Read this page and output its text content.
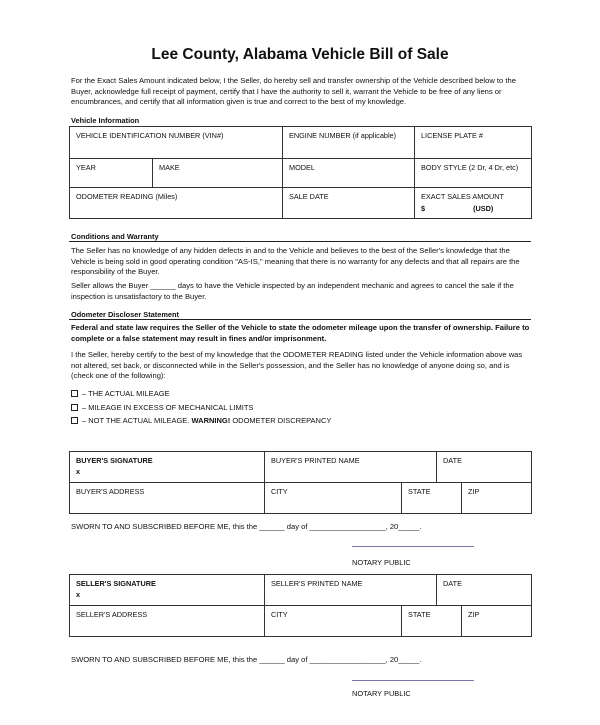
Lee County, Alabama Vehicle Bill of Sale
For the Exact Sales Amount indicated below, I the Seller, do hereby sell and transfer ownership of the Vehicle described below to the Buyer, acknowledge full receipt of payment, certify that I have the authority to sell it, warrant the Vehicle to be free of any liens or encumbrances, and certify that all information given is true and correct to the best of my knowledge.
Vehicle Information
VEHICLE IDENTIFICATION NUMBER (VIN#)		ENGINE NUMBER (if applicable)	LICENSE PLATE #
YEAR	MAKE	MODEL	BODY STYLE (2 Dr, 4 Dr, etc)
ODOMETER READING (Miles)		SALE DATE	EXACT SALES AMOUNT
$ (USD)
Conditions and Warranty
The Seller has no knowledge of any hidden defects in and to the Vehicle and believes to the best of the Seller's knowledge that the Vehicle is being sold in good operating condition "AS-IS," meaning that there is no warranty for any defects and that all repairs are the responsibility of the Buyer.
Seller allows the Buyer ______ days to have the Vehicle inspected by an independent mechanic and agrees to cancel the sale if the inspection is unsatisfactory to the Buyer.
Odometer Discloser Statement
Federal and state law requires the Seller of the Vehicle to state the odometer mileage upon the transfer of ownership. Failure to complete or a false statement may result in fines and/or imprisonment.
I the Seller, hereby certify to the best of my knowledge that the ODOMETER READING listed under the Vehicle information above was not altered, set back, or disconnected while in the Seller's possession, and the Seller has no knowledge of anyone doing so, and is (check one of the following):
– THE ACTUAL MILEAGE
– MILEAGE IN EXCESS OF MECHANICAL LIMITS
– NOT THE ACTUAL MILEAGE. WARNING! ODOMETER DISCREPANCY
BUYER'S SIGNATURE
x	BUYER'S PRINTED NAME		DATE	
BUYER'S ADDRESS	CITY	STATE		ZIP
SWORN TO AND SUBSCRIBED BEFORE ME, this the ______ day of __________________, 20_____.
NOTARY PUBLIC
SELLER'S SIGNATURE
x	SELLER'S PRINTED NAME		DATE	
SELLER'S ADDRESS	CITY	STATE		ZIP
SWORN TO AND SUBSCRIBED BEFORE ME, this the ______ day of __________________, 20_____.
NOTARY PUBLIC
